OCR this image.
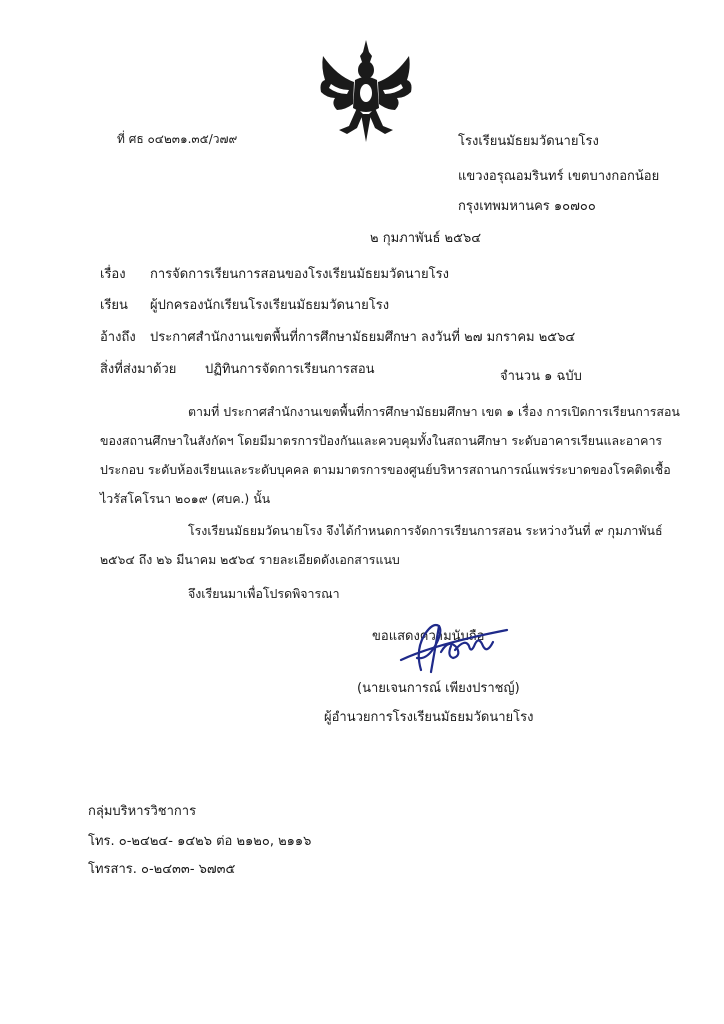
ที่ ศธ ๐๔๒๓๑.๓๕/ว๗๙	โรงเรียนมัธยมวัดนายโรง
แขวงอรุณอมรินทร์ เขตบางกอกน้อย
กรุงเทพมหานคร ๑๐๗๐๐
๒ กุมภาพันธ์ ๒๕๖๔
เรื่อง การจัดการเรียนการสอนของโรงเรียนมัธยมวัดนายโรง
เรียน ผู้ปกครองนักเรียนโรงเรียนมัธยมวัดนายโรง
อ้างถึง ประกาศสำนักงานเขตพื้นที่การศึกษามัธยมศึกษา ลงวันที่ ๒๗ มกราคม ๒๕๖๔
สิ่งที่ส่งมาด้วย ปฏิทินการจัดการเรียนการสอน	จำนวน ๑ ฉบับ
ตามที่ ประกาศสำนักงานเขตพื้นที่การศึกษามัธยมศึกษา เขต ๑ เรื่อง การเปิดการเรียนการสอน
ของสถานศึกษาในสังกัดฯ โดยมีมาตรการป้องกันและควบคุมทั้งในสถานศึกษา ระดับอาคารเรียนและอาคาร
ประกอบ ระดับห้องเรียนและระดับบุคคล ตามมาตรการของศูนย์บริหารสถานการณ์แพร่ระบาดของโรคติดเชื้อ
ไวรัสโคโรนา ๒๐๑๙ (ศบค.) นั้น
โรงเรียนมัธยมวัดนายโรง จึงได้กำหนดการจัดการเรียนการสอน ระหว่างวันที่ ๙ กุมภาพันธ์
๒๕๖๔ ถึง ๒๖ มีนาคม ๒๕๖๔ รายละเอียดดังเอกสารแนบ
จึงเรียนมาเพื่อโปรดพิจารณา
ขอแสดงความนับถือ
(นายเจนการณ์ เพียงปราชญ์)
ผู้อำนวยการโรงเรียนมัธยมวัดนายโรง
กลุ่มบริหารวิชาการ
โทร. ๐-๒๔๒๔- ๑๔๒๖ ต่อ ๒๑๒๐, ๒๑๑๖
โทรสาร. ๐-๒๔๓๓- ๖๗๓๕
